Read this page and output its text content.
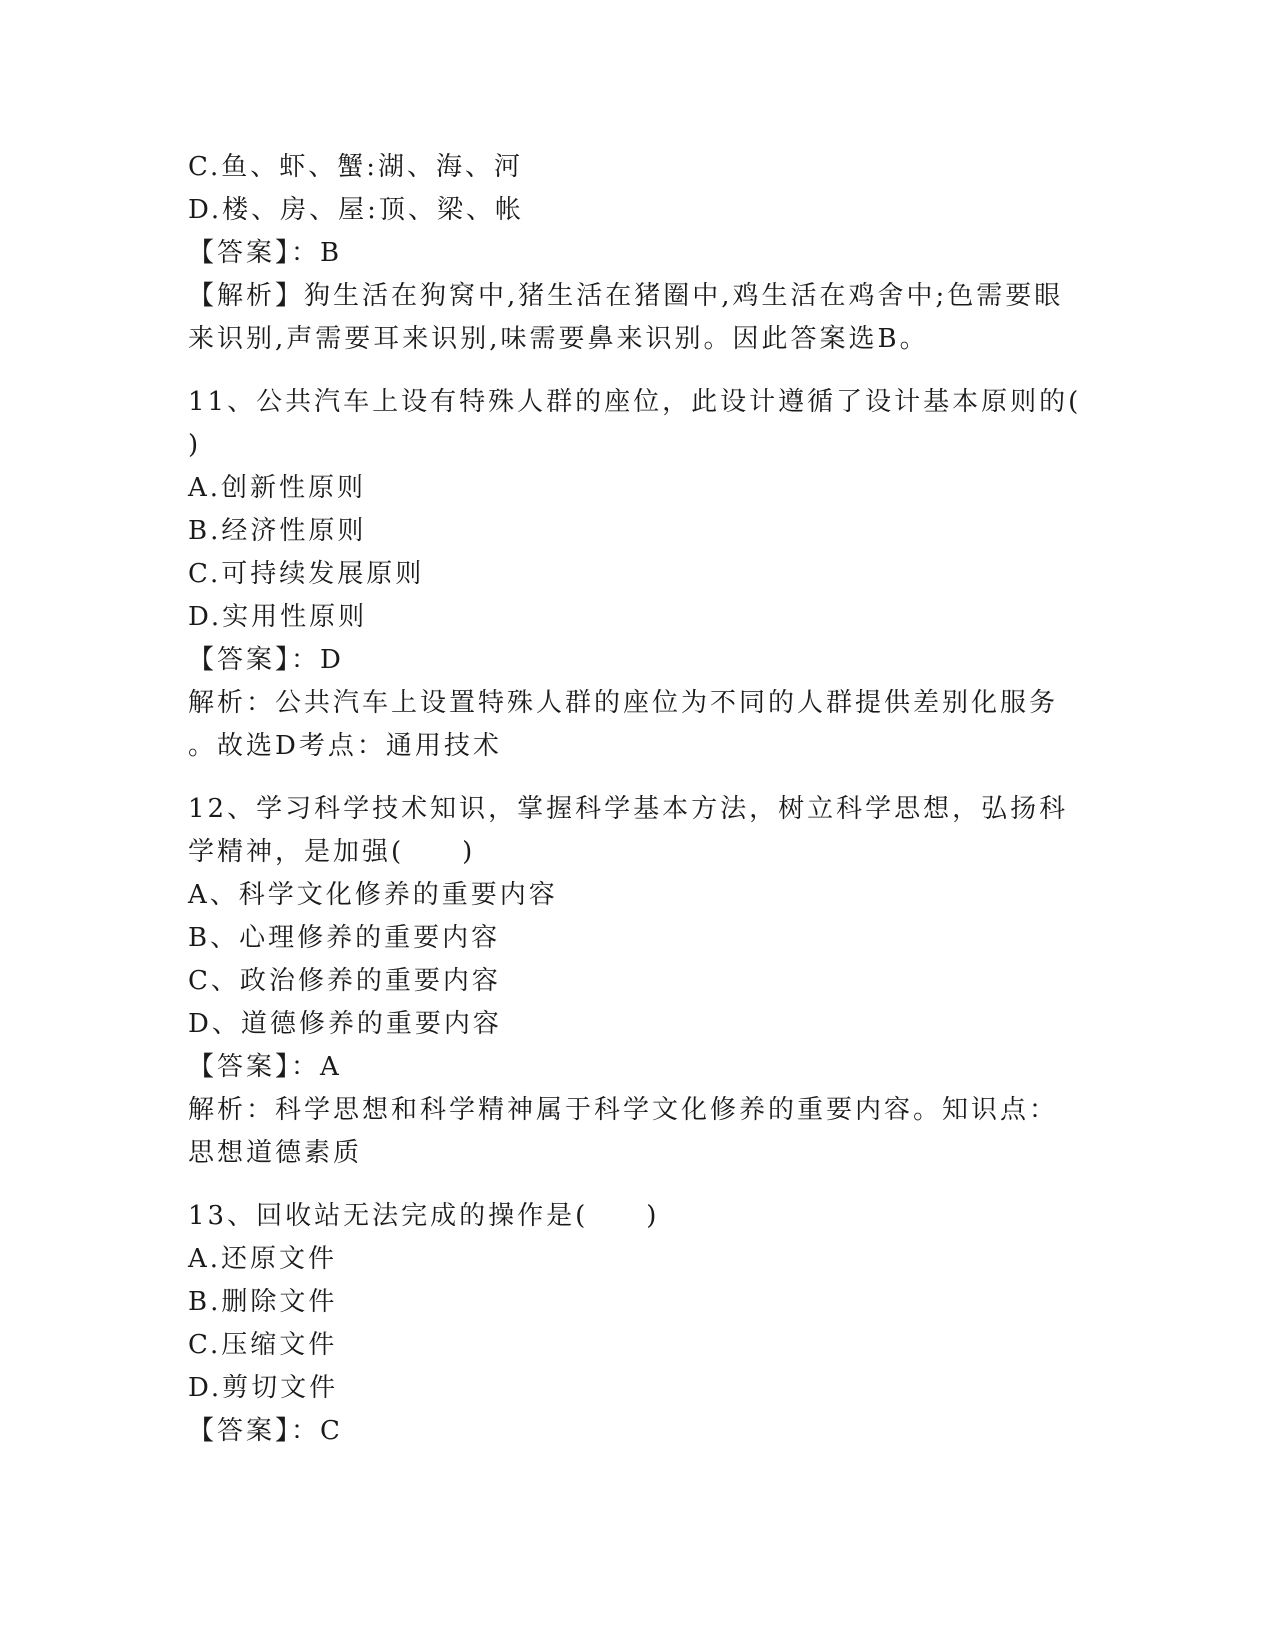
C.鱼、虾、蟹:湖、海、河
D.楼、房、屋:顶、梁、帐
【答案】：B
【解析】狗生活在狗窝中,猪生活在猪圈中,鸡生活在鸡舍中;色需要眼
来识别,声需要耳来识别,味需要鼻来识别。因此答案选B。
11、公共汽车上设有特殊人群的座位，此设计遵循了设计基本原则的(
)
A.创新性原则
B.经济性原则
C.可持续发展原则
D.实用性原则
【答案】：D
解析：公共汽车上设置特殊人群的座位为不同的人群提供差别化服务
。故选D考点：通用技术
12、学习科学技术知识，掌握科学基本方法，树立科学思想，弘扬科
学精神，是加强(　　)
A、科学文化修养的重要内容
B、心理修养的重要内容
C、政治修养的重要内容
D、道德修养的重要内容
【答案】：A
解析：科学思想和科学精神属于科学文化修养的重要内容。知识点：
思想道德素质
13、回收站无法完成的操作是(　　)
A.还原文件
B.删除文件
C.压缩文件
D.剪切文件
【答案】：C
